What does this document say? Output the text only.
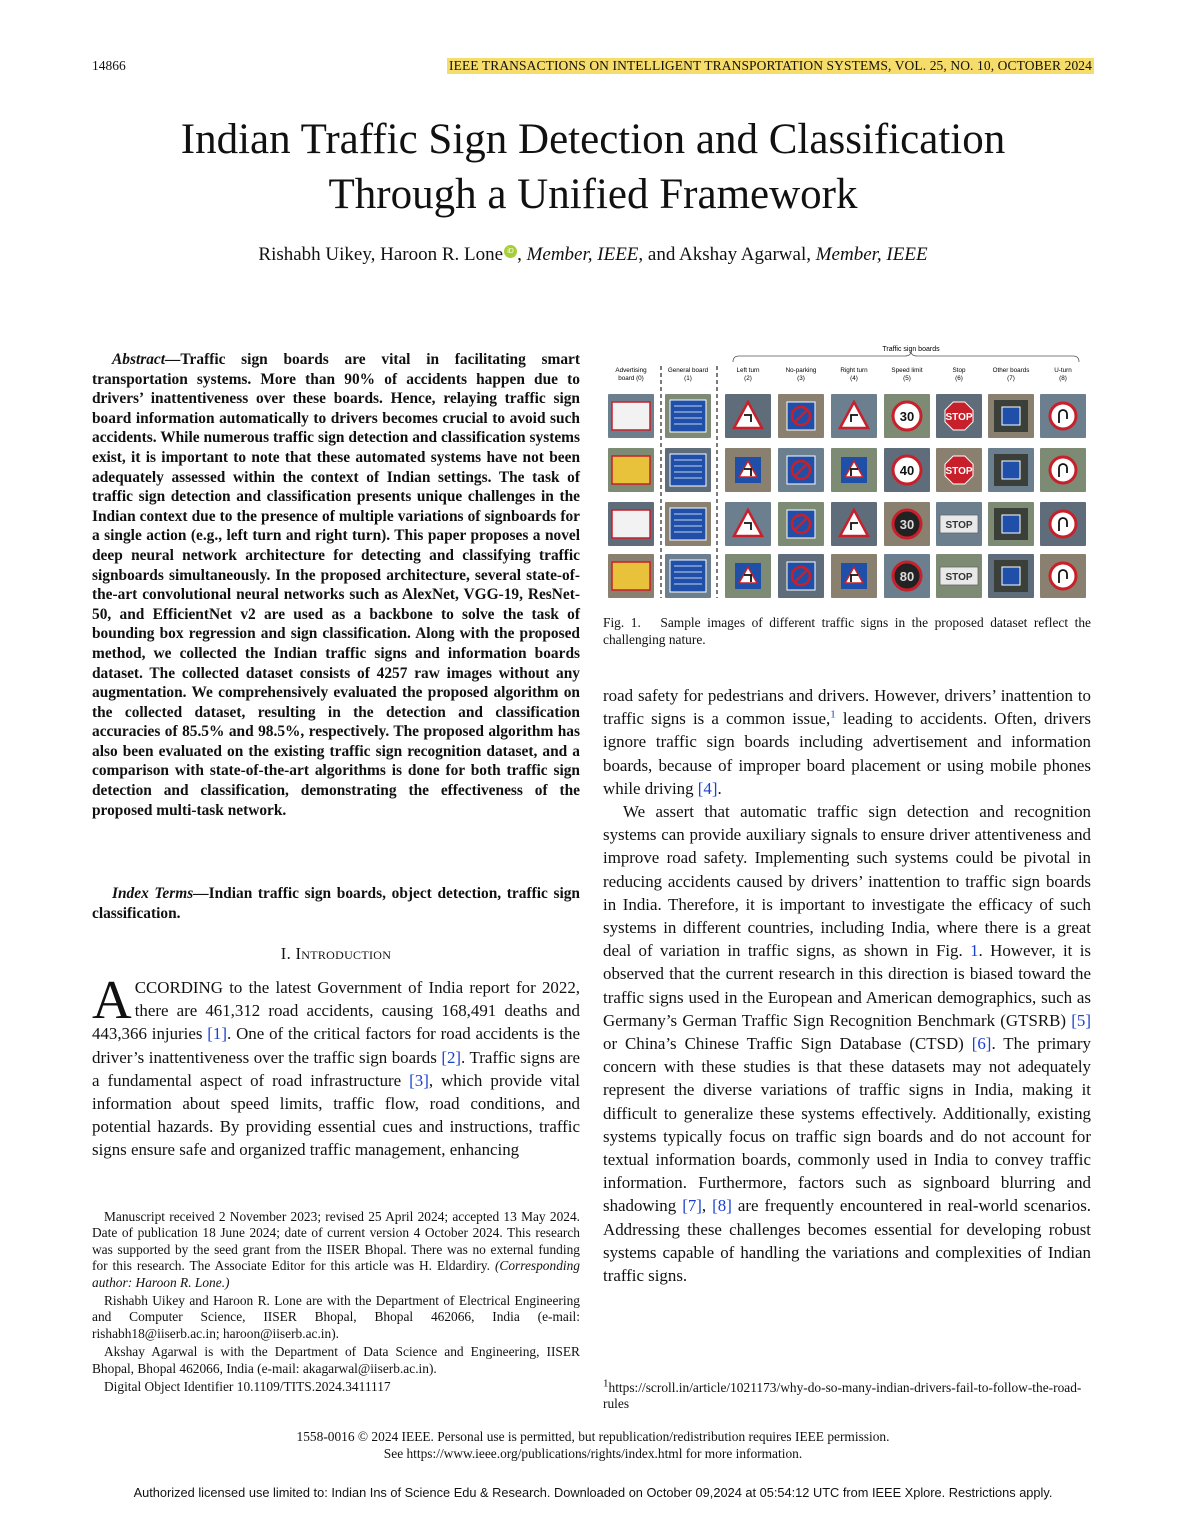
14866	IEEE TRANSACTIONS ON INTELLIGENT TRANSPORTATION SYSTEMS, VOL. 25, NO. 10, OCTOBER 2024
Indian Traffic Sign Detection and Classification
Through a Unified Framework
Rishabh Uikey, Haroon R. Lone iD , Member, IEEE, and Akshay Agarwal, Member, IEEE
Abstract—Traffic sign boards are vital in facilitating smart transportation systems. More than 90% of accidents happen due to drivers’ inattentiveness over these boards. Hence, relaying traffic sign board information automatically to drivers becomes crucial to avoid such accidents. While numerous traffic sign detection and classification systems exist, it is important to note that these automated systems have not been adequately assessed within the context of Indian settings. The task of traffic sign detection and classification presents unique challenges in the Indian context due to the presence of multiple variations of signboards for a single action (e.g., left turn and right turn). This paper proposes a novel deep neural network architecture for detecting and classifying traffic signboards simultaneously. In the proposed architecture, several state-of-the-art convolutional neural networks such as AlexNet, VGG-19, ResNet-50, and EfficientNet v2 are used as a backbone to solve the task of bounding box regression and sign classification. Along with the proposed method, we collected the Indian traffic signs and information boards dataset. The collected dataset consists of 4257 raw images without any augmentation. We comprehensively evaluated the proposed algorithm on the collected dataset, resulting in the detection and classification accuracies of 85.5% and 98.5%, respectively. The proposed algorithm has also been evaluated on the existing traffic sign recognition dataset, and a comparison with state-of-the-art algorithms is done for both traffic sign detection and classification, demonstrating the effectiveness of the proposed multi-task network.
Index Terms—Indian traffic sign boards, object detection, traffic sign classification.
I. Introduction
ACCORDING to the latest Government of India report for 2022, there are 461,312 road accidents, causing 168,491 deaths and 443,366 injuries [1]. One of the critical factors for road accidents is the driver’s inattentiveness over the traffic sign boards [2]. Traffic signs are a fundamental aspect of road infrastructure [3], which provide vital information about speed limits, traffic flow, road conditions, and potential hazards. By providing essential cues and instructions, traffic signs ensure safe and organized traffic management, enhancing

Manuscript received 2 November 2023; revised 25 April 2024; accepted 13 May 2024. Date of publication 18 June 2024; date of current version 4 October 2024. This research was supported by the seed grant from the IISER Bhopal. There was no external funding for this research. The Associate Editor for this article was H. Eldardiry. (Corresponding author: Haroon R. Lone.)

Rishabh Uikey and Haroon R. Lone are with the Department of Electrical Engineering and Computer Science, IISER Bhopal, Bhopal 462066, India (e-mail: rishabh18@iiserb.ac.in; haroon@iiserb.ac.in).

Akshay Agarwal is with the Department of Data Science and Engineering, IISER Bhopal, Bhopal 462066, India (e-mail: akagarwal@iiserb.ac.in).

Digital Object Identifier 10.1109/TITS.2024.3411117

Traffic sign boards
Advertising
board (0)
General board
(1)
Left turn
(2)
No-parking
(3)
Right turn
(4)
Speed limit
(5)
Stop
(6)
Other boards
(7)
U-turn
(8)
30	STOP
40	STOP
30	STOP
80	STOP
Fig. 1. Sample images of different traffic signs in the proposed dataset reflect the challenging nature.

road safety for pedestrians and drivers. However, drivers’ inattention to traffic signs is a common issue,$^1$ leading to accidents. Often, drivers ignore traffic sign boards including advertisement and information boards, because of improper board placement or using mobile phones while driving [4].

We assert that automatic traffic sign detection and recognition systems can provide auxiliary signals to ensure driver attentiveness and improve road safety. Implementing such systems could be pivotal in reducing accidents caused by drivers’ inattention to traffic sign boards in India. Therefore, it is important to investigate the efficacy of such systems in different countries, including India, where there is a great deal of variation in traffic signs, as shown in Fig. 1. However, it is observed that the current research in this direction is biased toward the traffic signs used in the European and American demographics, such as Germany’s German Traffic Sign Recognition Benchmark (GTSRB) [5] or China’s Chinese Traffic Sign Database (CTSD) [6]. The primary concern with these studies is that these datasets may not adequately represent the diverse variations of traffic signs in India, making it difficult to generalize these systems effectively. Additionally, existing systems typically focus on traffic sign boards and do not account for textual information boards, commonly used in India to convey traffic information. Furthermore, factors such as signboard blurring and shadowing [7], [8] are frequently encountered in real-world scenarios. Addressing these challenges becomes essential for developing robust systems capable of handling the variations and complexities of Indian traffic signs.

$^1$https://scroll.in/article/1021173/why-do-so-many-indian-drivers-fail-to-follow-the-road-rules
1558-0016 © 2024 IEEE. Personal use is permitted, but republication/redistribution requires IEEE permission.
See https://www.ieee.org/publications/rights/index.html for more information.
Authorized licensed use limited to: Indian Ins of Science Edu & Research. Downloaded on October 09,2024 at 05:54:12 UTC from IEEE Xplore. Restrictions apply.
